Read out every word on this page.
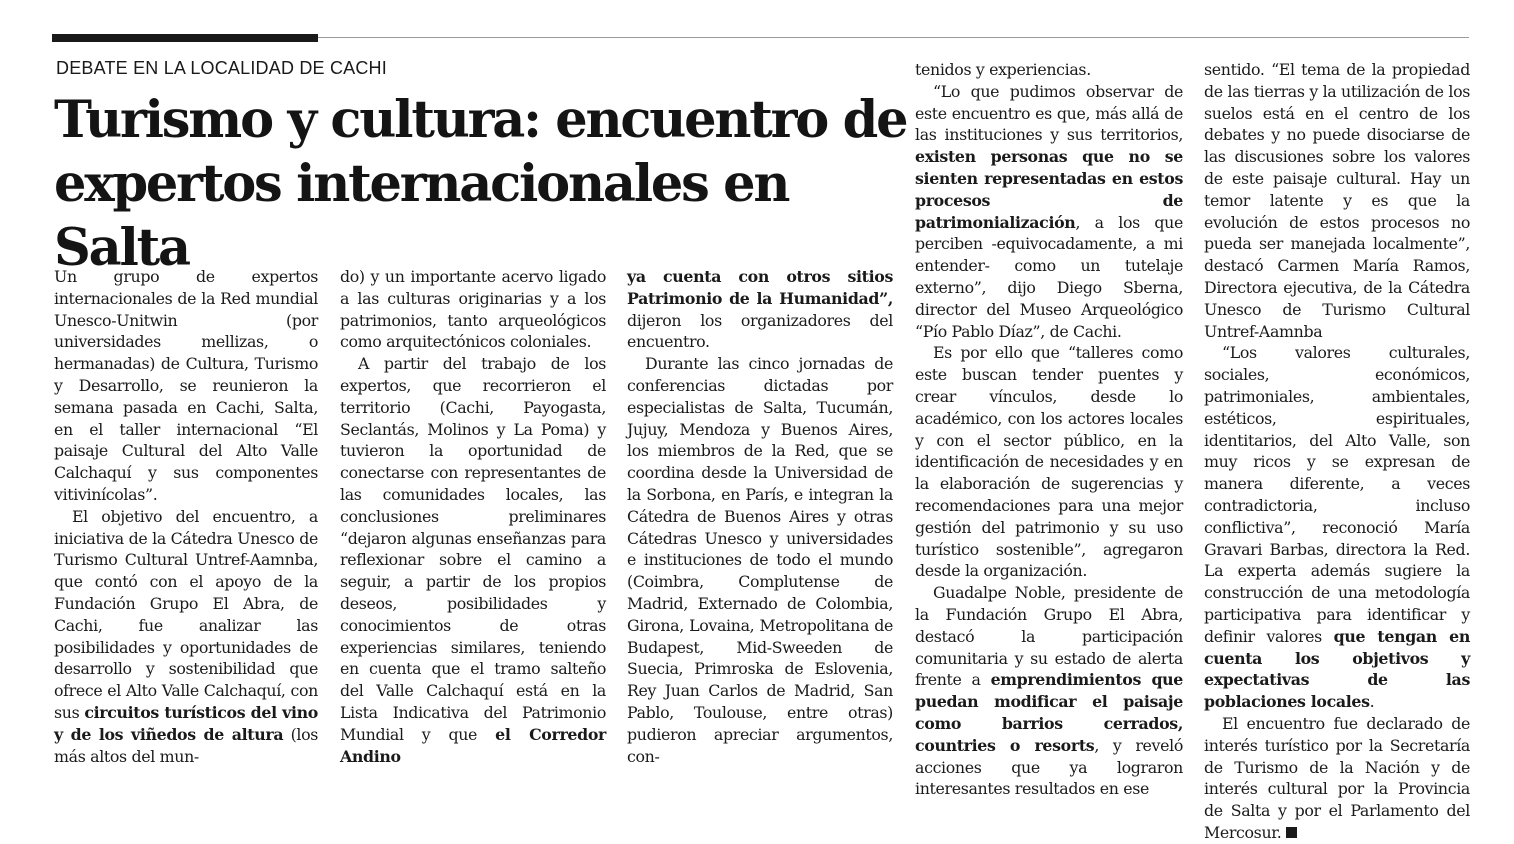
DEBATE EN LA LOCALIDAD DE CACHI
Turismo y cultura: encuentro de expertos internacionales en Salta

Un grupo de expertos internacionales de la Red mundial Unesco-Unitwin (por universidades mellizas, o hermanadas) de Cultura, Turismo y Desarrollo, se reunieron la semana pasada en Cachi, Salta, en el taller internacional “El paisaje Cultural del Alto Valle Calchaquí y sus componentes vitivinícolas”.

El objetivo del encuentro, a iniciativa de la Cátedra Unesco de Turismo Cultural Untref-Aamnba, que contó con el apoyo de la Fundación Grupo El Abra, de Cachi, fue analizar las posibilidades y oportunidades de desarrollo y sostenibilidad que ofrece el Alto Valle Calchaquí, con sus circuitos turísticos del vino y de los viñedos de altura (los más altos del mun-

do) y un importante acervo ligado a las culturas originarias y a los patrimonios, tanto arqueológicos como arquitectónicos coloniales.

A partir del trabajo de los expertos, que recorrieron el territorio (Cachi, Payogasta, Seclantás, Molinos y La Poma) y tuvieron la oportunidad de conectarse con representantes de las comunidades locales, las conclusiones preliminares “dejaron algunas enseñanzas para reflexionar sobre el camino a seguir, a partir de los propios deseos, posibilidades y conocimientos de otras experiencias similares, teniendo en cuenta que el tramo salteño del Valle Calchaquí está en la Lista Indicativa del Patrimonio Mundial y que el Corredor Andino

ya cuenta con otros sitios Patrimonio de la Humanidad”, dijeron los organizadores del encuentro.

Durante las cinco jornadas de conferencias dictadas por especialistas de Salta, Tucumán, Jujuy, Mendoza y Buenos Aires, los miembros de la Red, que se coordina desde la Universidad de la Sorbona, en París, e integran la Cátedra de Buenos Aires y otras Cátedras Unesco y universidades e instituciones de todo el mundo (Coimbra, Complutense de Madrid, Externado de Colombia, Girona, Lovaina, Metropolitana de Budapest, Mid-Sweeden de Suecia, Primroska de Eslovenia, Rey Juan Carlos de Madrid, San Pablo, Toulouse, entre otras) pudieron apreciar argumentos, con-

tenidos y experiencias.

“Lo que pudimos observar de este encuentro es que, más allá de las instituciones y sus territorios, existen personas que no se sienten representadas en estos procesos de patrimonialización, a los que perciben -equivocadamente, a mi entender- como un tutelaje externo”, dijo Diego Sberna, director del Museo Arqueológico “Pío Pablo Díaz”, de Cachi.

Es por ello que “talleres como este buscan tender puentes y crear vínculos, desde lo académico, con los actores locales y con el sector público, en la identificación de necesidades y en la elaboración de sugerencias y recomendaciones para una mejor gestión del patrimonio y su uso turístico sostenible”, agregaron desde la organización.

Guadalpe Noble, presidente de la Fundación Grupo El Abra, destacó la participación comunitaria y su estado de alerta frente a emprendimientos que puedan modificar el paisaje como barrios cerrados, countries o resorts, y reveló acciones que ya lograron interesantes resultados en ese

sentido. “El tema de la propiedad de las tierras y la utilización de los suelos está en el centro de los debates y no puede disociarse de las discusiones sobre los valores de este paisaje cultural. Hay un temor latente y es que la evolución de estos procesos no pueda ser manejada localmente”, destacó Carmen María Ramos, Directora ejecutiva, de la Cátedra Unesco de Turismo Cultural Untref-Aamnba

“Los valores culturales, sociales, económicos, patrimoniales, ambientales, estéticos, espirituales, identitarios, del Alto Valle, son muy ricos y se expresan de manera diferente, a veces contradictoria, incluso conflictiva”, reconoció María Gravari Barbas, directora la Red. La experta además sugiere la construcción de una metodología participativa para identificar y definir valores que tengan en cuenta los objetivos y expectativas de las poblaciones locales.

El encuentro fue declarado de interés turístico por la Secretaría de Turismo de la Nación y de interés cultural por la Provincia de Salta y por el Parlamento del Mercosur.
